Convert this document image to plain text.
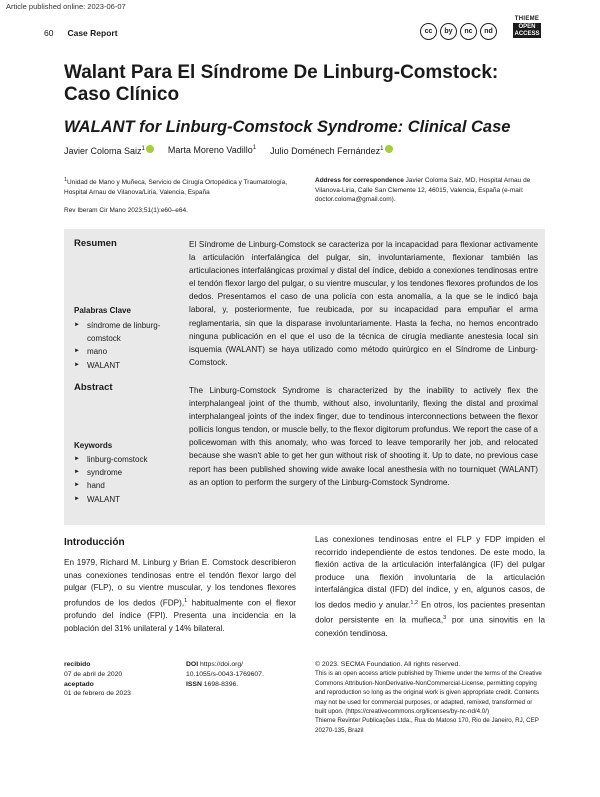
Article published online: 2023-06-07
60 Case Report	cc	by	nc	nd
THIEME
OPEN
ACCESS
Walant Para El Síndrome De Linburg-Comstock: Caso Clínico
WALANT for Linburg-Comstock Syndrome: Clinical Case
Javier Coloma Saiz$^1$	Marta Moreno Vadillo$^1$ Julio Doménech Fernández$^1$
$^1$Unidad de Mano y Muñeca, Servicio de Cirugía Ortopédica y Traumatología, Hospital Arnau de Vilanova/Liria, Valencia, España
Address for correspondence Javier Coloma Saiz, MD, Hospital Arnau de Vilanova-Liria, Calle San Clemente 12, 46015, Valencia, España (e-mail: doctor.coloma@gmail.com).
Rev Iberam Cir Mano 2023;51(1):e60–e64.
Resumen
Palabras Clave
► síndrome de linburg-comstock
► mano
► WALANT
El Síndrome de Linburg-Comstock se caracteriza por la incapacidad para flexionar activamente la articulación interfalángica del pulgar, sin, involuntariamente, flexionar también las articulaciones interfalángicas proximal y distal del índice, debido a conexiones tendinosas entre el tendón flexor largo del pulgar, o su vientre muscular, y los tendones flexores profundos de los dedos. Presentamos el caso de una policía con esta anomalía, a la que se le indicó baja laboral, y, posteriormente, fue reubicada, por su incapacidad para empuñar el arma reglamentaria, sin que la disparase involuntariamente. Hasta la fecha, no hemos encontrado ninguna publicación en el que el uso de la técnica de cirugía mediante anestesia local sin isquemia (WALANT) se haya utilizado como método quirúrgico en el Síndrome de Linburg-Comstock.
Abstract
Keywords
► linburg-comstock
► syndrome
► hand
► WALANT
The Linburg-Comstock Syndrome is characterized by the inability to actively flex the interphalangeal joint of the thumb, without also, involuntarily, flexing the distal and proximal interphalangeal joints of the index finger, due to tendinous interconnections between the flexor pollicis longus tendon, or muscle belly, to the flexor digitorum profundus. We report the case of a policewoman with this anomaly, who was forced to leave temporarily her job, and relocated because she wasn't able to get her gun without risk of shooting it. Up to date, no previous case report has been published showing wide awake local anesthesia with no tourniquet (WALANT) as an option to perform the surgery of the Linburg-Comstock Syndrome.
Introducción
En 1979, Richard M. Linburg y Brian E. Comstock describieron unas conexiones tendinosas entre el tendón flexor largo del pulgar (FLP), o su vientre muscular, y los tendones flexores profundos de los dedos (FDP),$^1$ habitualmente con el flexor profundo del índice (FPI). Presenta una incidencia en la población del 31% unilateral y 14% bilateral.
Las conexiones tendinosas entre el FLP y FDP impiden el recorrido independiente de estos tendones. De este modo, la flexión activa de la articulación interfalángica (IF) del pulgar produce una flexión involuntaria de la articulación interfalángica distal (IFD) del índice, y en, algunos casos, de los dedos medio y anular.$^{1,2}$ En otros, los pacientes presentan dolor persistente en la muñeca,$^3$ por una sinovitis en la conexión tendinosa.
recibido
07 de abril de 2020
aceptado
01 de febrero de 2023
DOI https://doi.org/
10.1055/s-0043-1769607.
ISSN 1698-8396.
© 2023. SECMA Foundation. All rights reserved.
This is an open access article published by Thieme under the terms of the Creative Commons Attribution-NonDerivative-NonCommercial-License, permitting copying and reproduction so long as the original work is given appropriate credit. Contents may not be used for commercial purposes, or adapted, remixed, transformed or built upon. (https://creativecommons.org/licenses/by-nc-nd/4.0/)
Thieme Revinter Publicações Ltda., Rua do Matoso 170, Rio de Janeiro, RJ, CEP 20270-135, Brazil
